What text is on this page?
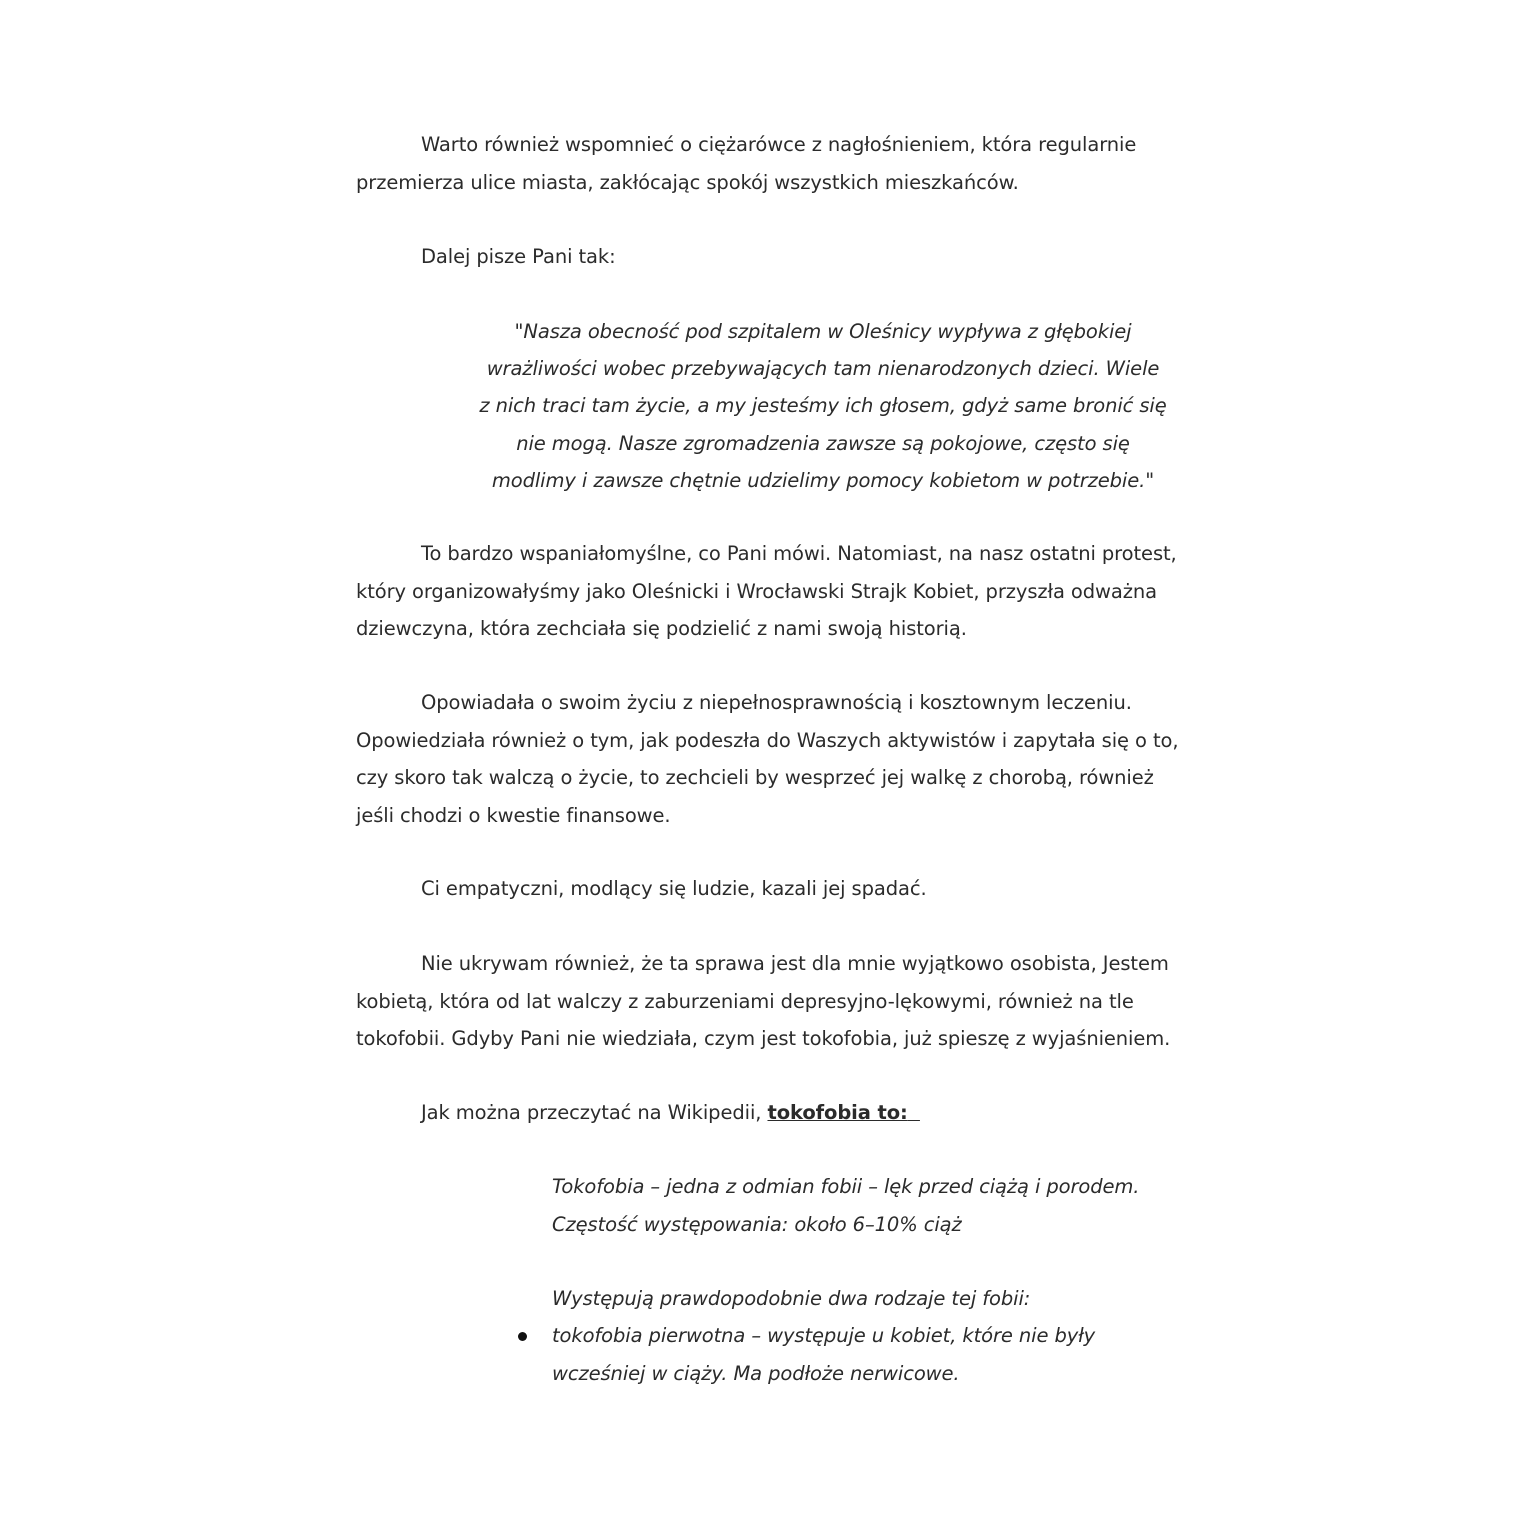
Warto również wspomnieć o ciężarówce z nagłośnieniem, która regularnie przemierza ulice miasta, zakłócając spokój wszystkich mieszkańców.

Dalej pisze Pani tak:

"Nasza obecność pod szpitalem w Oleśnicy wypływa z głębokiej
wrażliwości wobec przebywających tam nienarodzonych dzieci. Wiele
z nich traci tam życie, a my jesteśmy ich głosem, gdyż same bronić się
nie mogą. Nasze zgromadzenia zawsze są pokojowe, często się
modlimy i zawsze chętnie udzielimy pomocy kobietom w potrzebie."

To bardzo wspaniałomyślne, co Pani mówi. Natomiast, na nasz ostatni protest, który organizowałyśmy jako Oleśnicki i Wrocławski Strajk Kobiet, przyszła odważna dziewczyna, która zechciała się podzielić z nami swoją historią.

Opowiadała o swoim życiu z niepełnosprawnością i kosztownym leczeniu. Opowiedziała również o tym, jak podeszła do Waszych aktywistów i zapytała się o to, czy skoro tak walczą o życie, to zechcieli by wesprzeć jej walkę z chorobą, również jeśli chodzi o kwestie finansowe.

Ci empatyczni, modlący się ludzie, kazali jej spadać.

Nie ukrywam również, że ta sprawa jest dla mnie wyjątkowo osobista, Jestem kobietą, która od lat walczy z zaburzeniami depresyjno-lękowymi, również na tle tokofobii. Gdyby Pani nie wiedziała, czym jest tokofobia, już spieszę z wyjaśnieniem.

Jak można przeczytać na Wikipedii, tokofobia to:

Tokofobia – jedna z odmian fobii – lęk przed ciążą i porodem.
Częstość występowania: około 6–10% ciąż
Występują prawdopodobnie dwa rodzaje tej fobii:
tokofobia pierwotna – występuje u kobiet, które nie były wcześniej w ciąży. Ma podłoże nerwicowe.
